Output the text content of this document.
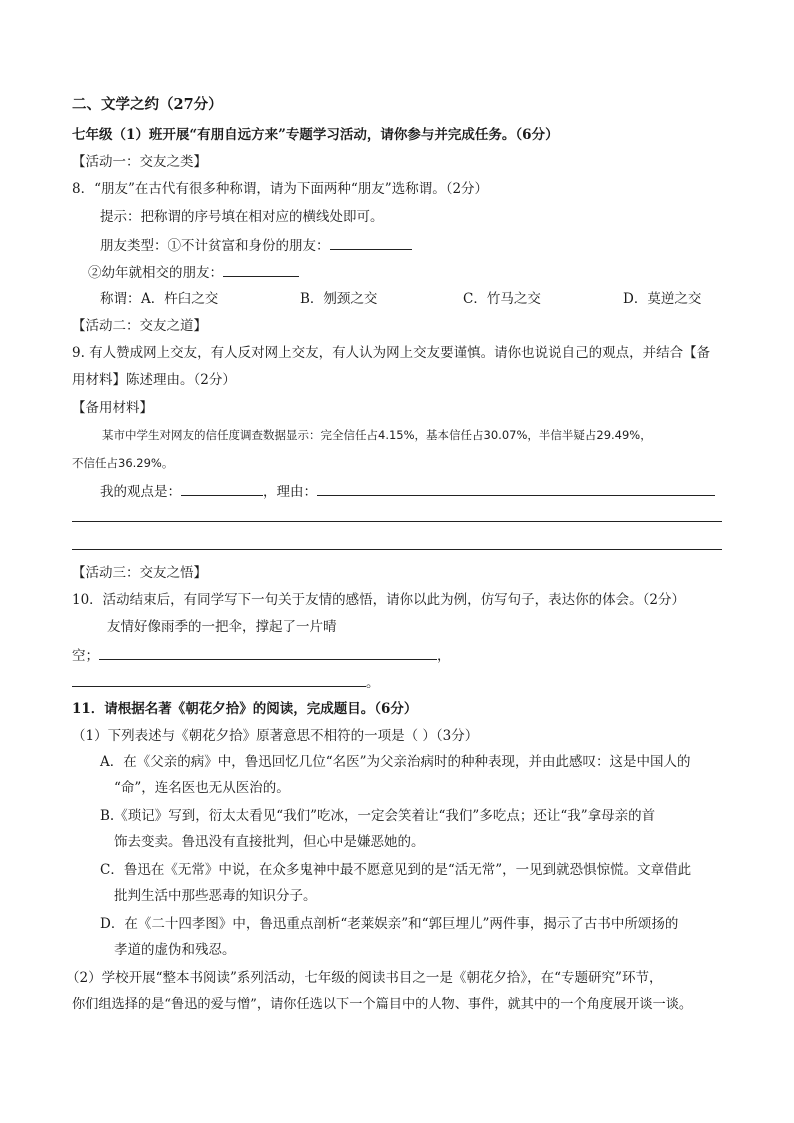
二、文学之约（27分）
七年级（1）班开展“有朋自远方来”专题学习活动，请你参与并完成任务。（6分）
【活动一：交友之类】
8．“朋友”在古代有很多种称谓，请为下面两种“朋友”选称谓。（2分）
提示：把称谓的序号填在相对应的横线处即可。
朋友类型：①不计贫富和身份的朋友：
②幼年就相交的朋友：
称谓： A．杵臼之交	B．刎颈之交	C．竹马之交	D．莫逆之交
【活动二：交友之道】
9. 有人赞成网上交友，有人反对网上交友，有人认为网上交友要谨慎。请你也说说自己的观点，并结合【备
用材料】陈述理由。（2分）
【备用材料】
某市中学生对网友的信任度调查数据显示：完全信任占4.15%，基本信任占30.07%，半信半疑占29.49%，
不信任占36.29%。
我的观点是：	，理由：
【活动三：交友之悟】
10．活动结束后，有同学写下一句关于友情的感悟，请你以此为例，仿写句子，表达你的体会。（2分）
友情好像雨季的一把伞，撑起了一片晴
空；	，
。
11．请根据名著《朝花夕拾》的阅读，完成题目。（6分）
（1）下列表述与《朝花夕拾》原著意思不相符的一项是（ ）（3分）
A．在《父亲的病》中，鲁迅回忆几位“名医”为父亲治病时的种种表现，并由此感叹：这是中国人的
“命”，连名医也无从医治的。
B.《琐记》写到，衍太太看见“我们”吃冰，一定会笑着让“我们”多吃点；还让“我”拿母亲的首
饰去变卖。鲁迅没有直接批判，但心中是嫌恶她的。
C．鲁迅在《无常》中说，在众多鬼神中最不愿意见到的是“活无常”，一见到就恐惧惊慌。文章借此
批判生活中那些恶毒的知识分子。
D．在《二十四孝图》中，鲁迅重点剖析“老莱娱亲”和“郭巨埋儿”两件事，揭示了古书中所颂扬的
孝道的虚伪和残忍。
（2）学校开展“整本书阅读”系列活动，七年级的阅读书目之一是《朝花夕拾》，在“专题研究”环节，
你们组选择的是“鲁迅的爱与憎”，请你任选以下一个篇目中的人物、事件，就其中的一个角度展开谈一谈。
